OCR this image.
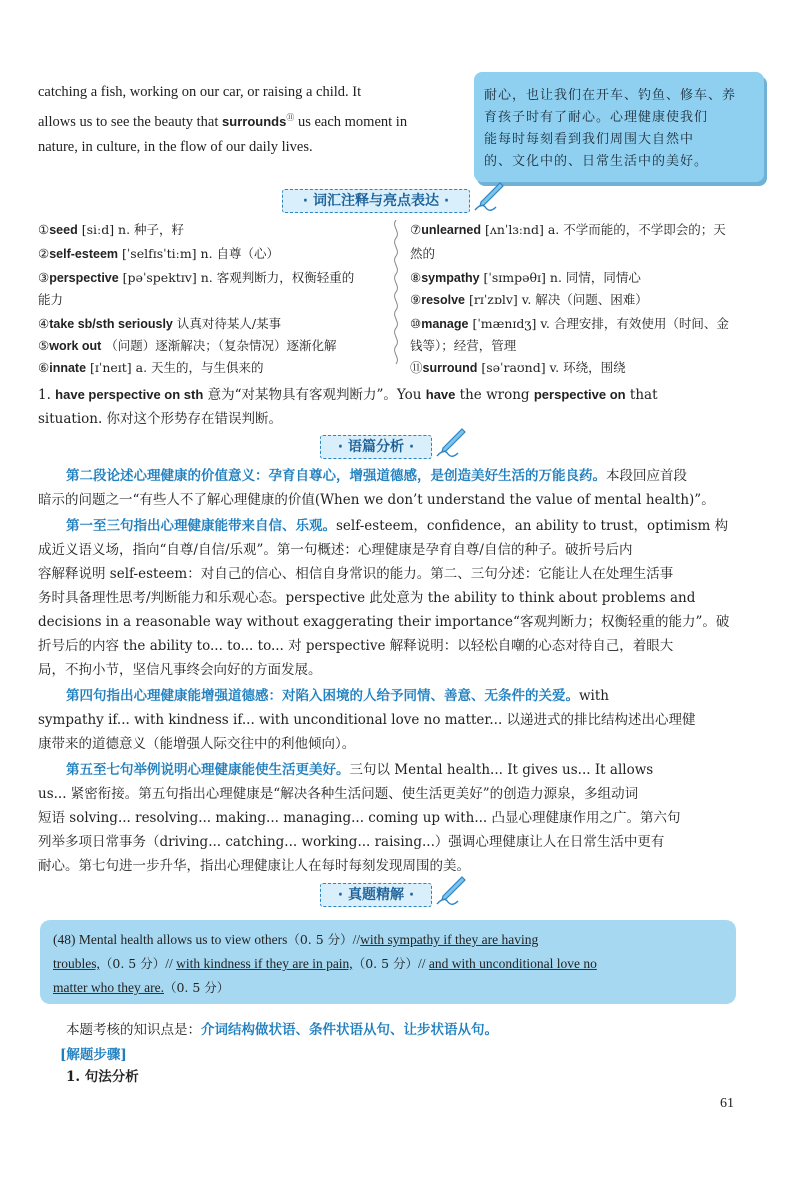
catching a fish, working on our car, or raising a child. It
allows us to see the beauty that surrounds⑪ us each moment in
nature, in culture, in the flow of our daily lives.
耐心，也让我们在开车、钓鱼、修车、养
育孩子时有了耐心。心理健康使我们
能每时每刻看到我们周围大自然中
的、文化中的、日常生活中的美好。
· 词汇注释与亮点表达 ·
①seed [siːd] n. 种子，籽
②self-esteem [ˈselfɪsˈtiːm] n. 自尊（心）
③perspective [pəˈspektɪv] n. 客观判断力，权衡轻重的
能力
④take sb/sth seriously 认真对待某人/某事
⑤work out （问题）逐渐解决；（复杂情况）逐渐化解
⑥innate [ɪˈneɪt] a. 天生的，与生俱来的
⑦unlearned [ʌnˈlɜːnd] a. 不学而能的，不学即会的；天
然的
⑧sympathy [ˈsɪmpəθɪ] n. 同情，同情心
⑨resolve [rɪˈzɒlv] v. 解决（问题、困难）
⑩manage [ˈmænɪdʒ] v. 合理安排，有效使用（时间、金
钱等）；经营，管理
⑪surround [səˈraʊnd] v. 环绕，围绕
1. have perspective on sth 意为“对某物具有客观判断力”。You have the wrong perspective on that
situation. 你对这个形势存在错误判断。
· 语篇分析 ·
第二段论述心理健康的价值意义：孕育自尊心，增强道德感，是创造美好生活的万能良药。本段回应首段
暗示的问题之一“有些人不了解心理健康的价值(When we don’t understand the value of mental health)”。
第一至三句指出心理健康能带来自信、乐观。self-esteem，confidence，an ability to trust，optimism 构
成近义语义场，指向“自尊/自信/乐观”。第一句概述：心理健康是孕育自尊/自信的种子。破折号后内
容解释说明 self-esteem：对自己的信心、相信自身常识的能力。第二、三句分述：它能让人在处理生活事
务时具备理性思考/判断能力和乐观心态。perspective 此处意为 the ability to think about problems and
decisions in a reasonable way without exaggerating their importance“客观判断力；权衡轻重的能力”。破
折号后的内容 the ability to... to... to... 对 perspective 解释说明：以轻松自嘲的心态对待自己，着眼大
局，不拘小节，坚信凡事终会向好的方面发展。
第四句指出心理健康能增强道德感：对陷入困境的人给予同情、善意、无条件的关爱。with
sympathy if... with kindness if... with unconditional love no matter... 以递进式的排比结构述出心理健
康带来的道德意义（能增强人际交往中的利他倾向）。
第五至七句举例说明心理健康能使生活更美好。三句以 Mental health... It gives us... It allows
us... 紧密衔接。第五句指出心理健康是“解决各种生活问题、使生活更美好”的创造力源泉，多组动词
短语 solving... resolving... making... managing... coming up with... 凸显心理健康作用之广。第六句
列举多项日常事务（driving... catching... working... raising...）强调心理健康让人在日常生活中更有
耐心。第七句进一步升华，指出心理健康让人在每时每刻发现周围的美。
· 真题精解 ·
(48) Mental health allows us to view others（0. 5 分）//with sympathy if they are having
troubles,（0. 5 分）// with kindness if they are in pain,（0. 5 分）// and with unconditional love no
matter who they are.（0. 5 分）
本题考核的知识点是：介词结构做状语、条件状语从句、让步状语从句。
[解题步骤]
1. 句法分析
61
